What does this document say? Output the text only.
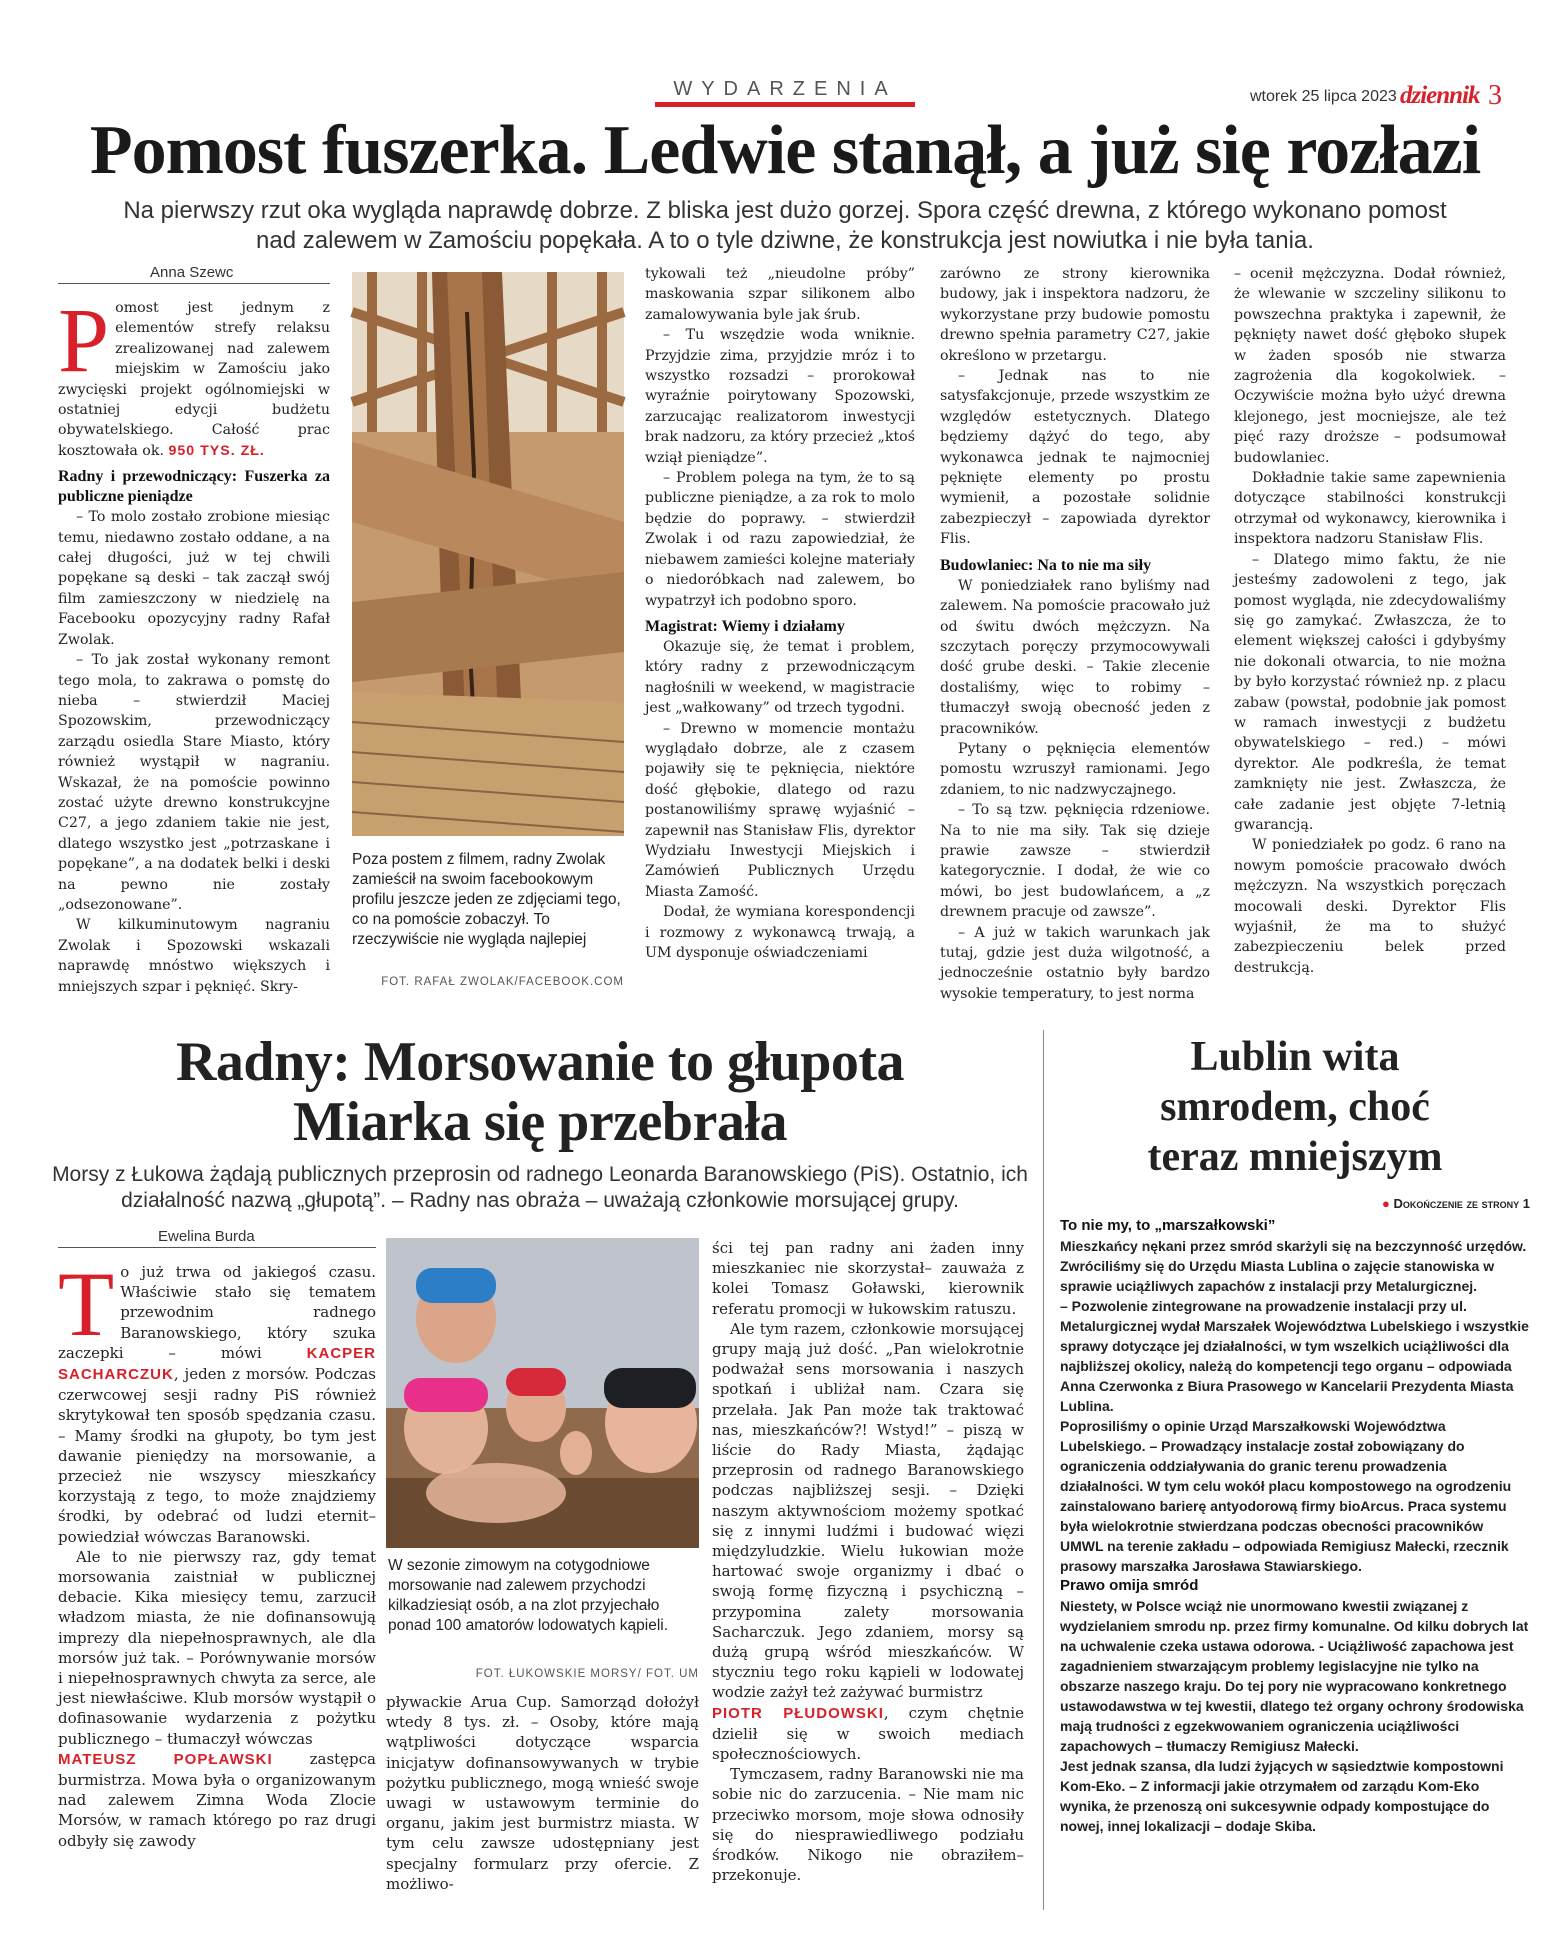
WYDARZENIA	wtorek 25 lipca 2023 dziennik 3
Pomost fuszerka. Ledwie stanął, a już się rozłazi
Na pierwszy rzut oka wygląda naprawdę dobrze. Z bliska jest dużo gorzej. Spora część drewna, z którego wykonano pomost
nad zalewem w Zamościu popękała. A to o tyle dziwne, że konstrukcja jest nowiutka i nie była tania.
Anna Szewc

Pomost jest jednym z elementów strefy relaksu zrealizowanej nad zalewem miejskim w Zamościu jako zwycięski projekt ogólnomiejski w ostatniej edycji budżetu obywatelskiego. Całość prac kosztowała ok. 950 TYS. ZŁ.

Radny i przewodniczący: Fuszerka za publiczne pieniądze

– To molo zostało zrobione miesiąc temu, niedawno zostało oddane, a na całej długości, już w tej chwili popękane są deski – tak zaczął swój film zamieszczony w niedzielę na Facebooku opozycyjny radny Rafał Zwolak.

– To jak został wykonany remont tego mola, to zakrawa o pomstę do nieba – stwierdził Maciej Spozowskim, przewodniczący zarządu osiedla Stare Miasto, który również wystąpił w nagraniu. Wskazał, że na pomoście powinno zostać użyte drewno konstrukcyjne C27, a jego zdaniem takie nie jest, dlatego wszystko jest „potrzaskane i popękane”, a na dodatek belki i deski na pewno nie zostały „odsezonowane”.

W kilkuminutowym nagraniu Zwolak i Spozowski wskazali naprawdę mnóstwo większych i mniejszych szpar i pęknięć. Skry-

Poza postem z filmem, radny Zwolak zamieścił na swoim facebookowym profilu jeszcze jeden ze zdjęciami tego, co na pomoście zobaczył. To rzeczywiście nie wygląda najlepiej
FOT. RAFAŁ ZWOLAK/FACEBOOK.COM

tykowali też „nieudolne próby” maskowania szpar silikonem albo zamalowywania byle jak śrub.

– Tu wszędzie woda wniknie. Przyjdzie zima, przyjdzie mróz i to wszystko rozsadzi – prorokował wyraźnie poirytowany Spozowski, zarzucając realizatorom inwestycji brak nadzoru, za który przecież „ktoś wziął pieniądze”.

– Problem polega na tym, że to są publiczne pieniądze, a za rok to molo będzie do poprawy. – stwierdził Zwolak i od razu zapowiedział, że niebawem zamieści kolejne materiały o niedoróbkach nad zalewem, bo wypatrzył ich podobno sporo.

Magistrat: Wiemy i działamy

Okazuje się, że temat i problem, który radny z przewodniczącym nagłośnili w weekend, w magistracie jest „wałkowany” od trzech tygodni.

– Drewno w momencie montażu wyglądało dobrze, ale z czasem pojawiły się te pęknięcia, niektóre dość głębokie, dlatego od razu postanowiliśmy sprawę wyjaśnić – zapewnił nas Stanisław Flis, dyrektor Wydziału Inwestycji Miejskich i Zamówień Publicznych Urzędu Miasta Zamość.

Dodał, że wymiana korespondencji i rozmowy z wykonawcą trwają, a UM dysponuje oświadczeniami

zarówno ze strony kierownika budowy, jak i inspektora nadzoru, że wykorzystane przy budowie pomostu drewno spełnia parametry C27, jakie określono w przetargu.

– Jednak nas to nie satysfakcjonuje, przede wszystkim ze względów estetycznych. Dlatego będziemy dążyć do tego, aby wykonawca jednak te najmocniej pęknięte elementy po prostu wymienił, a pozostałe solidnie zabezpieczył – zapowiada dyrektor Flis.

Budowlaniec: Na to nie ma siły

W poniedziałek rano byliśmy nad zalewem. Na pomoście pracowało już od świtu dwóch mężczyzn. Na szczytach poręczy przymocowywali dość grube deski. – Takie zlecenie dostaliśmy, więc to robimy – tłumaczył swoją obecność jeden z pracowników.

Pytany o pęknięcia elementów pomostu wzruszył ramionami. Jego zdaniem, to nic nadzwyczajnego.

– To są tzw. pęknięcia rdzeniowe. Na to nie ma siły. Tak się dzieje prawie zawsze – stwierdził kategorycznie. I dodał, że wie co mówi, bo jest budowlańcem, a „z drewnem pracuje od zawsze”.

– A już w takich warunkach jak tutaj, gdzie jest duża wilgotność, a jednocześnie ostatnio były bardzo wysokie temperatury, to jest norma

– ocenił mężczyzna. Dodał również, że wlewanie w szczeliny silikonu to powszechna praktyka i zapewnił, że pęknięty nawet dość głęboko słupek w żaden sposób nie stwarza zagrożenia dla kogokolwiek. – Oczywiście można było użyć drewna klejonego, jest mocniejsze, ale też pięć razy droższe – podsumował budowlaniec.

Dokładnie takie same zapewnienia dotyczące stabilności konstrukcji otrzymał od wykonawcy, kierownika i inspektora nadzoru Stanisław Flis.

– Dlatego mimo faktu, że nie jesteśmy zadowoleni z tego, jak pomost wygląda, nie zdecydowaliśmy się go zamykać. Zwłaszcza, że to element większej całości i gdybyśmy nie dokonali otwarcia, to nie można by było korzystać również np. z placu zabaw (powstał, podobnie jak pomost w ramach inwestycji z budżetu obywatelskiego – red.) – mówi dyrektor. Ale podkreśla, że temat zamknięty nie jest. Zwłaszcza, że całe zadanie jest objęte 7-letnią gwarancją.

W poniedziałek po godz. 6 rano na nowym pomoście pracowało dwóch mężczyzn. Na wszystkich poręczach mocowali deski. Dyrektor Flis wyjaśnił, że ma to służyć zabezpieczeniu belek przed destrukcją.

Radny: Morsowanie to głupota
Miarka się przebrała
Morsy z Łukowa żądają publicznych przeprosin od radnego Leonarda Baranowskiego (PiS). Ostatnio, ich
działalność nazwą „głupotą”. – Radny nas obraża – uważają członkowie morsującej grupy.
Ewelina Burda

To już trwa od jakiegoś czasu. Właściwie stało się tematem przewodnim radnego Baranowskiego, który szuka zaczepki – mówi	KACPER SACHARCZUK, jeden z morsów. Podczas czerwcowej sesji radny PiS również skrytykował ten sposób spędzania czasu. – Mamy środki na głupoty, bo tym jest dawanie pieniędzy na morsowanie, a przecież nie wszyscy mieszkańcy korzystają z tego, to może znajdziemy środki, by odebrać od ludzi eternit– powiedział wówczas Baranowski.

Ale to nie pierwszy raz, gdy temat morsowania zaistniał w publicznej debacie. Kika miesięcy temu, zarzucił władzom miasta, że nie dofinansowują imprezy dla niepełnosprawnych, ale dla morsów już tak. – Porównywanie morsów i niepełnosprawnych chwyta za serce, ale jest niewłaściwe. Klub morsów wystąpił o dofinasowanie wydarzenia z pożytku publicznego – tłumaczył wówczas

MATEUSZ POPŁAWSKI zastępca burmistrza. Mowa była o organizowanym nad zalewem Zimna Woda Zlocie Morsów, w ramach którego po raz drugi odbyły się zawody

W sezonie zimowym na cotygodniowe morsowanie nad zalewem przychodzi kilkadziesiąt osób, a na zlot przyjechało ponad 100 amatorów lodowatych kąpieli.
FOT. ŁUKOWSKIE MORSY/ FOT. UM

pływackie Arua Cup. Samorząd dołożył wtedy 8 tys. zł. – Osoby, które mają wątpliwości dotyczące wsparcia inicjatyw dofinansowywanych w trybie pożytku publicznego, mogą wnieść swoje uwagi w ustawowym terminie do organu, jakim jest burmistrz miasta. W tym celu zawsze udostępniany jest specjalny formularz przy ofercie. Z możliwo-

ści tej pan radny ani żaden inny mieszkaniec nie skorzystał– zauważa z kolei Tomasz Goławski, kierownik referatu promocji w łukowskim ratuszu.

Ale tym razem, członkowie morsującej grupy mają już dość. „Pan wielokrotnie podważał sens morsowania i naszych spotkań i ubliżał nam. Czara się przelała. Jak Pan może tak traktować nas, mieszkańców?! Wstyd!” – piszą w liście do Rady Miasta, żądając przeprosin od radnego Baranowskiego podczas najbliższej sesji. – Dzięki naszym aktywnościom możemy spotkać się z innymi ludźmi i budować więzi międzyludzkie. Wielu łukowian może hartować swoje organizmy i dbać o swoją formę fizyczną i psychiczną – przypomina zalety morsowania Sacharczuk. Jego zdaniem, morsy są dużą grupą wśród mieszkańców. W styczniu tego roku kąpieli w lodowatej wodzie zażył też zażywać burmistrz

PIOTR PŁUDOWSKI, czym chętnie dzielił się w swoich mediach społecznościowych.

Tymczasem, radny Baranowski nie ma sobie nic do zarzucenia. – Nie mam nic przeciwko morsom, moje słowa odnosiły się do niesprawiedliwego podziału środków. Nikogo nie obraziłem– przekonuje.

Lublin wita
smrodem, choć
teraz mniejszym
● Dokończenie ze strony 1
To nie my, to „marszałkowski”
Mieszkańcy nękani przez smród skarżyli się na bezczynność urzędów. Zwróciliśmy się do Urzędu Miasta Lublina o zajęcie stanowiska w sprawie uciążliwych zapachów z instalacji przy Metalurgicznej.
– Pozwolenie zintegrowane na prowadzenie instalacji przy ul. Metalurgicznej wydał Marszałek Województwa Lubelskiego i wszystkie sprawy dotyczące jej działalności, w tym wszelkich uciążliwości dla najbliższej okolicy, należą do kompetencji tego organu – odpowiada Anna Czerwonka z Biura Prasowego w Kancelarii Prezydenta Miasta Lublina.
Poprosiliśmy o opinie Urząd Marszałkowski Województwa Lubelskiego. – Prowadzący instalacje został zobowiązany do ograniczenia oddziaływania do granic terenu prowadzenia działalności. W tym celu wokół placu kompostowego na ogrodzeniu zainstalowano barierę antyodorową firmy bioArcus. Praca systemu była wielokrotnie stwierdzana podczas obecności pracowników UMWL na terenie zakładu – odpowiada Remigiusz Małecki, rzecznik prasowy marszałka Jarosława Stawiarskiego.
Prawo omija smród
Niestety, w Polsce wciąż nie unormowano kwestii związanej z wydzielaniem smrodu np. przez firmy komunalne. Od kilku dobrych lat na uchwalenie czeka ustawa odorowa. - Uciążliwość zapachowa jest zagadnieniem stwarzającym problemy legislacyjne nie tylko na obszarze naszego kraju. Do tej pory nie wypracowano konkretnego ustawodawstwa w tej kwestii, dlatego też organy ochrony środowiska mają trudności z egzekwowaniem ograniczenia uciążliwości zapachowych – tłumaczy Remigiusz Małecki.
Jest jednak szansa, dla ludzi żyjących w sąsiedztwie kompostowni Kom-Eko. – Z informacji jakie otrzymałem od zarządu Kom-Eko wynika, że przenoszą oni sukcesywnie odpady kompostujące do nowej, innej lokalizacji – dodaje Skiba.
